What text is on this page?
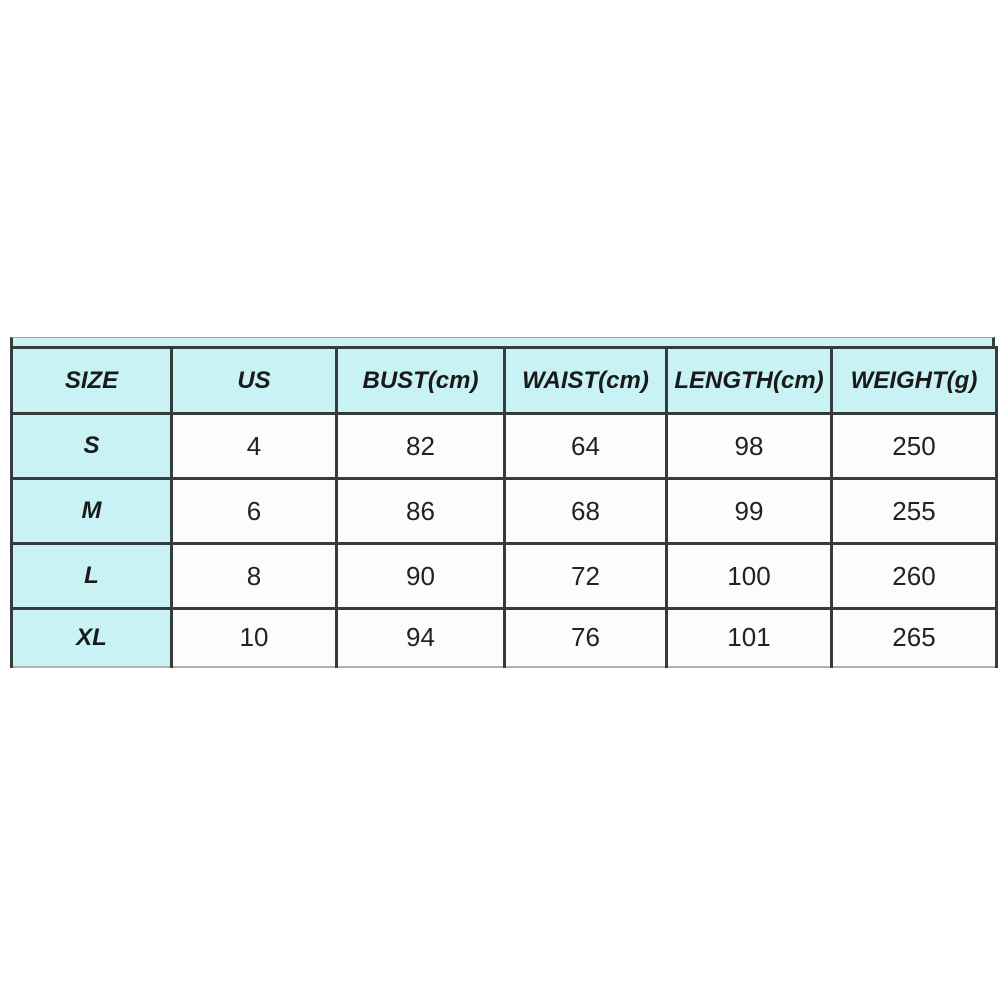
SIZE	US	BUST(cm)	WAIST(cm)	LENGTH(cm)	WEIGHT(g)
S	4	82	64	98	250
M	6	86	68	99	255
L	8	90	72	100	260
XL	10	94	76	101	265
